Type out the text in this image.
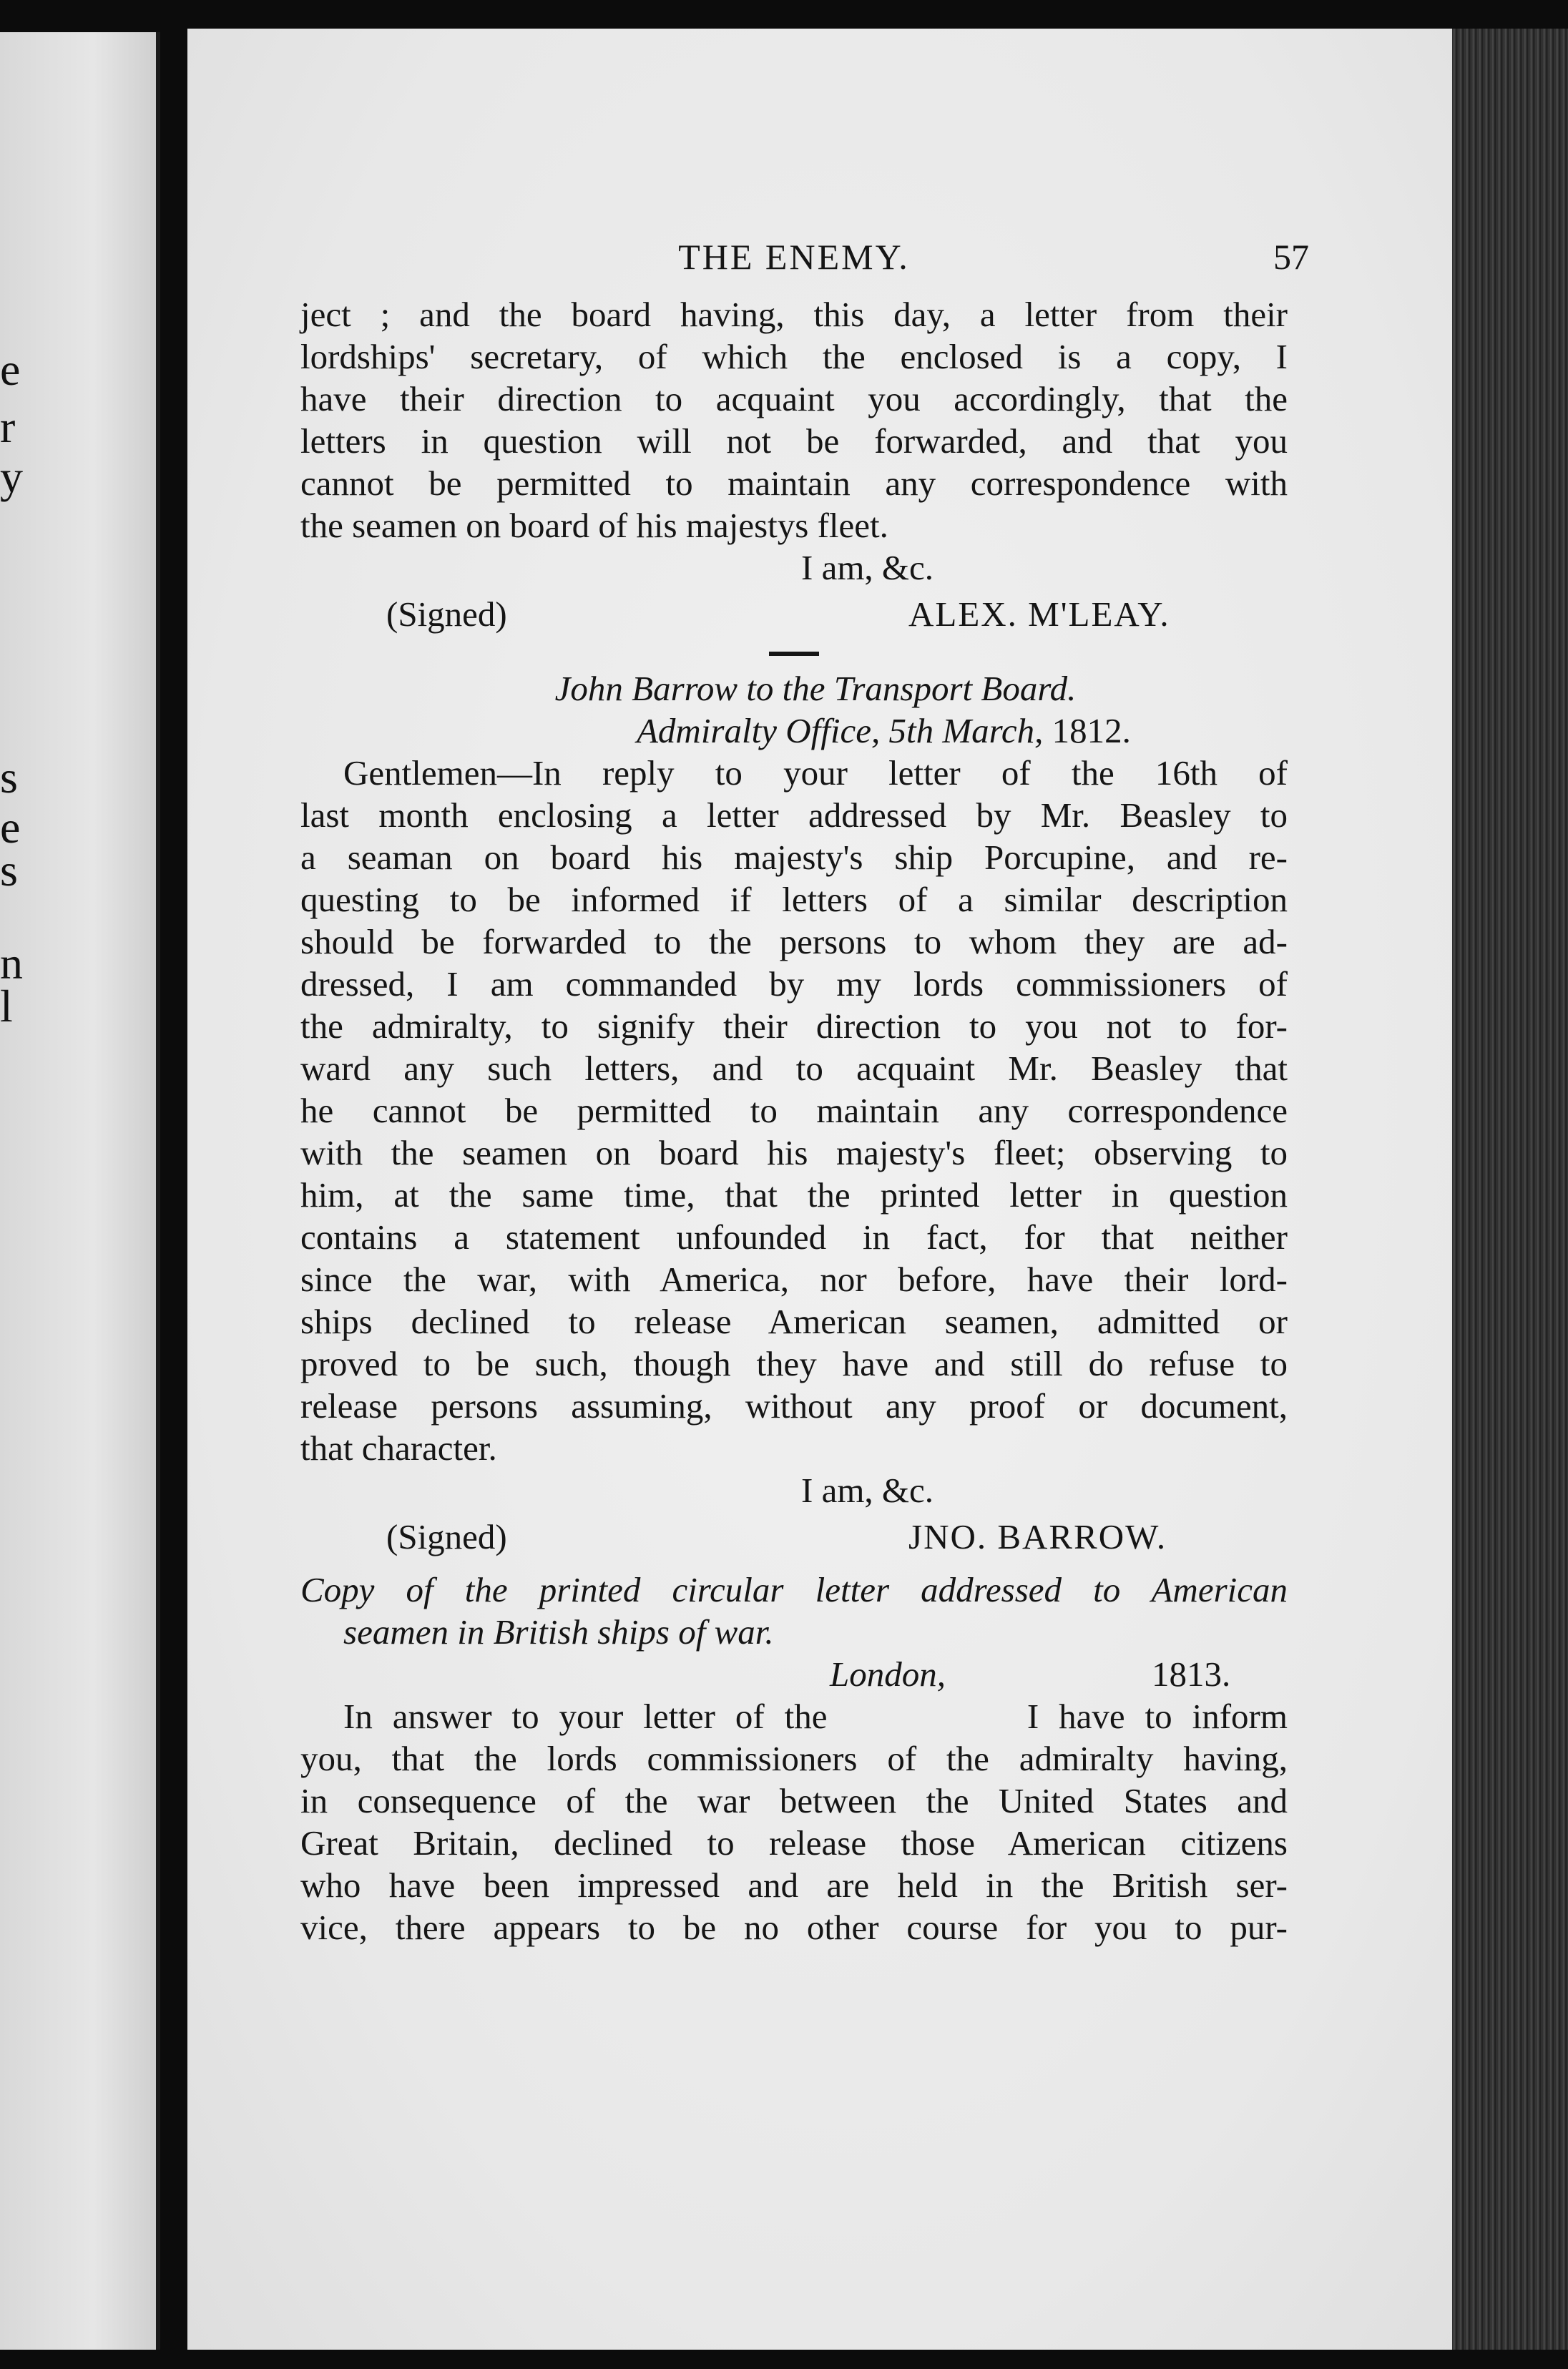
e
r
y
s
e
s
n
l
THE ENEMY.	57
ject ; and the board having, this day, a letter from their
lordships' secretary, of which the enclosed is a copy, I
have their direction to acquaint you accordingly, that the
letters in question will not be forwarded, and that you
cannot be permitted to maintain any correspondence with
the seamen on board of his majestys fleet.
I am, &c.
(Signed)	ALEX. M'LEAY.
John Barrow to the Transport Board.
Admiralty Office, 5th March, 1812.
Gentlemen—In reply to your letter of the 16th of
last month enclosing a letter addressed by Mr. Beasley to
a seaman on board his majesty's ship Porcupine, and re-
questing to be informed if letters of a similar description
should be forwarded to the persons to whom they are ad-
dressed, I am commanded by my lords commissioners of
the admiralty, to signify their direction to you not to for-
ward any such letters, and to acquaint Mr. Beasley that
he cannot be permitted to maintain any correspondence
with the seamen on board his majesty's fleet; observing to
him, at the same time, that the printed letter in question
contains a statement unfounded in fact, for that neither
since the war, with America, nor before, have their lord-
ships declined to release American seamen, admitted or
proved to be such, though they have and still do refuse to
release persons assuming, without any proof or document,
that character.
I am, &c.
(Signed)	JNO. BARROW.
Copy of the printed circular letter addressed to American
seamen in British ships of war.
London,	1813.
In answer to your letter of the          I have to inform
you, that the lords commissioners of the admiralty having,
in consequence of the war between the United States and
Great Britain, declined to release those American citizens
who have been impressed and are held in the British ser-
vice, there appears to be no other course for you to pur-
